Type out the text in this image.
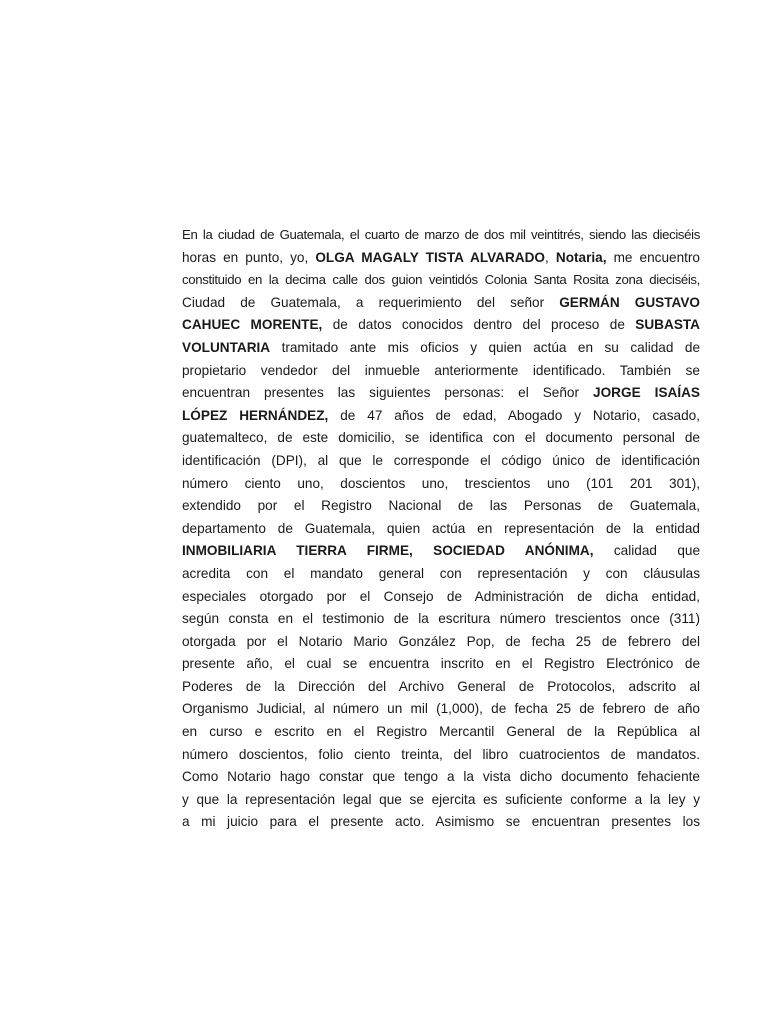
En la ciudad de Guatemala, el cuarto de marzo de dos mil veintitrés, siendo las dieciséis
horas en punto, yo, OLGA MAGALY TISTA ALVARADO, Notaria, me encuentro
constituido en la decima calle dos guion veintidós Colonia Santa Rosita zona dieciséis,
Ciudad de Guatemala, a requerimiento del señor GERMÁN GUSTAVO
CAHUEC MORENTE, de datos conocidos dentro del proceso de SUBASTA
VOLUNTARIA tramitado ante mis oficios y quien actúa en su calidad de
propietario vendedor del inmueble anteriormente identificado. También se
encuentran presentes las siguientes personas: el Señor JORGE ISAÍAS
LÓPEZ HERNÁNDEZ, de 47 años de edad, Abogado y Notario, casado,
guatemalteco, de este domicilio, se identifica con el documento personal de
identificación (DPI), al que le corresponde el código único de identificación
número ciento uno, doscientos uno, trescientos uno (101 201 301),
extendido por el Registro Nacional de las Personas de Guatemala,
departamento de Guatemala, quien actúa en representación de la entidad
INMOBILIARIA TIERRA FIRME, SOCIEDAD ANÓNIMA, calidad que
acredita con el mandato general con representación y con cláusulas
especiales otorgado por el Consejo de Administración de dicha entidad,
según consta en el testimonio de la escritura número trescientos once (311)
otorgada por el Notario Mario González Pop, de fecha 25 de febrero del
presente año, el cual se encuentra inscrito en el Registro Electrónico de
Poderes de la Dirección del Archivo General de Protocolos, adscrito al
Organismo Judicial, al número un mil (1,000), de fecha 25 de febrero de año
en curso e escrito en el Registro Mercantil General de la República al
número doscientos, folio ciento treinta, del libro cuatrocientos de mandatos.
Como Notario hago constar que tengo a la vista dicho documento fehaciente
y que la representación legal que se ejercita es suficiente conforme a la ley y
a mi juicio para el presente acto. Asimismo se encuentran presentes los
